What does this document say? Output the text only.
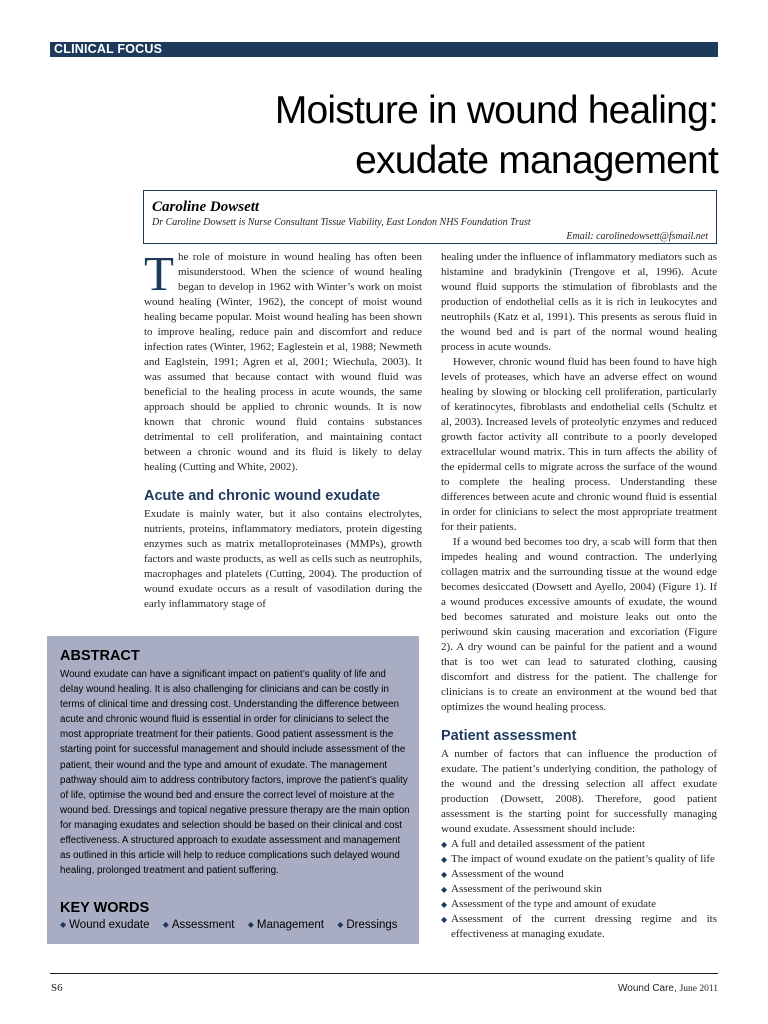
CLINICAL FOCUS
Moisture in wound healing:
exudate management
Caroline Dowsett
Dr Caroline Dowsett is Nurse Consultant Tissue Viability, East London NHS Foundation Trust
Email: carolinedowsett@fsmail.net

The role of moisture in wound healing has often been misunderstood. When the science of wound healing began to develop in 1962 with Winter’s work on moist wound healing (Winter, 1962), the concept of moist wound healing became popular. Moist wound healing has been shown to improve healing, reduce pain and discomfort and reduce infection rates (Winter, 1962; Eaglestein et al, 1988; Newmeth and Eaglstein, 1991; Agren et al, 2001; Wiechula, 2003). It was assumed that because contact with wound fluid was beneficial to the healing process in acute wounds, the same approach should be applied to chronic wounds. It is now known that chronic wound fluid contains substances detrimental to cell proliferation, and maintaining contact between a chronic wound and its fluid is likely to delay healing (Cutting and White, 2002).

Acute and chronic wound exudate

Exudate is mainly water, but it also contains electrolytes, nutrients, proteins, inflammatory mediators, protein digesting enzymes such as matrix metalloproteinases (MMPs), growth factors and waste products, as well as cells such as neutrophils, macrophages and platelets (Cutting, 2004). The production of wound exudate occurs as a result of vasodilation during the early inflammatory stage of

healing under the influence of inflammatory mediators such as histamine and bradykinin (Trengove et al, 1996). Acute wound fluid supports the stimulation of fibroblasts and the production of endothelial cells as it is rich in leukocytes and neutrophils (Katz et al, 1991). This presents as serous fluid in the wound bed and is part of the normal wound healing process in acute wounds.

However, chronic wound fluid has been found to have high levels of proteases, which have an adverse effect on wound healing by slowing or blocking cell proliferation, particularly of keratinocytes, fibroblasts and endothelial cells (Schultz et al, 2003). Increased levels of proteolytic enzymes and reduced growth factor activity all contribute to a poorly developed extracellular wound matrix. This in turn affects the ability of the epidermal cells to migrate across the surface of the wound to complete the healing process. Understanding these differences between acute and chronic wound fluid is essential in order for clinicians to select the most appropriate treatment for their patients.

If a wound bed becomes too dry, a scab will form that then impedes healing and wound contraction. The underlying collagen matrix and the surrounding tissue at the wound edge becomes desiccated (Dowsett and Ayello, 2004) (Figure 1). If a wound produces excessive amounts of exudate, the wound bed becomes saturated and moisture leaks out onto the periwound skin causing maceration and excoriation (Figure 2). A dry wound can be painful for the patient and a wound that is too wet can lead to saturated clothing, causing discomfort and distress for the patient. The challenge for clinicians is to create an environment at the wound bed that optimizes the wound healing process.

Patient assessment

A number of factors that can influence the production of exudate. The patient’s underlying condition, the pathology of the wound and the dressing selection all affect exudate production (Dowsett, 2008). Therefore, good patient assessment is the starting point for successfully managing wound exudate. Assessment should include:

◆ A full and detailed assessment of the patient
◆ The impact of wound exudate on the patient’s quality of life
◆ Assessment of the wound
◆ Assessment of the periwound skin
◆ Assessment of the type and amount of exudate
◆ Assessment of the current dressing regime and its effectiveness at managing exudate.
ABSTRACT
Wound exudate can have a significant impact on patient’s quality of life and delay wound healing. It is also challenging for clinicians and can be costly in terms of clinical time and dressing cost. Understanding the difference between acute and chronic wound fluid is essential in order for clinicians to select the most appropriate treatment for their patients. Good patient assessment is the starting point for successful management and should include assessment of the patient, their wound and the type and amount of exudate. The management pathway should aim to address contributory factors, improve the patient’s quality of life, optimise the wound bed and ensure the correct level of moisture at the wound bed. Dressings and topical negative pressure therapy are the main option for managing exudates and selection should be based on their clinical and cost effectiveness. A structured approach to exudate assessment and management as outlined in this article will help to reduce complications such delayed wound healing, prolonged treatment and patient suffering.
KEY WORDS
◆ Wound exudate ◆ Assessment ◆ Management ◆ Dressings
S6	Wound Care, June 2011
